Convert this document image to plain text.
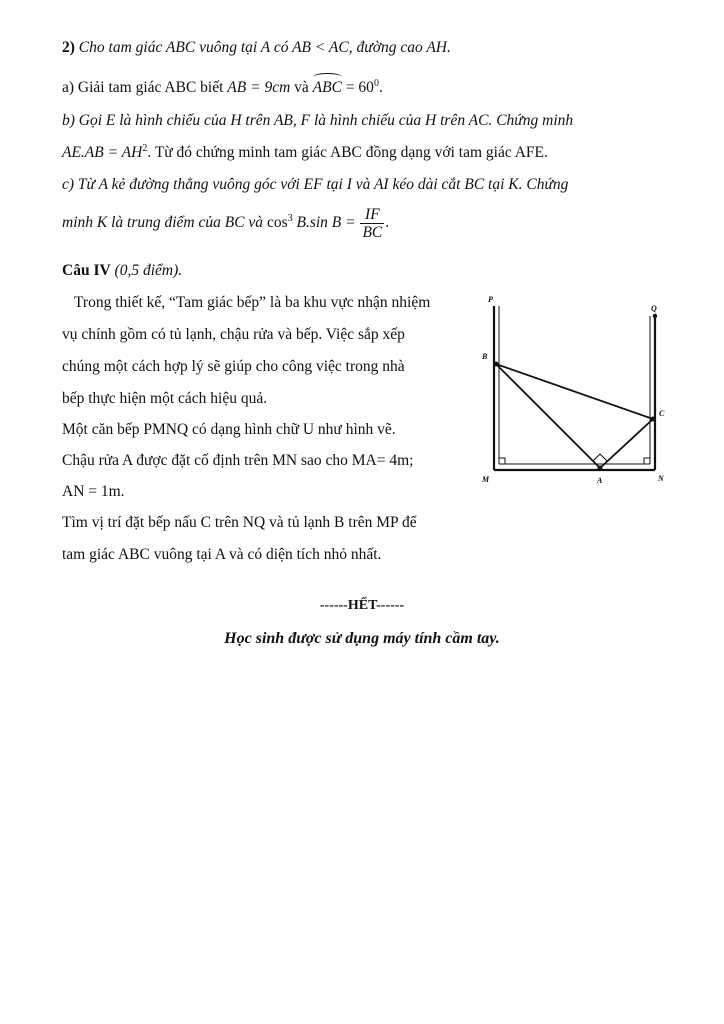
2) Cho tam giác ABC vuông tại A có AB < AC, đường cao AH.
a) Giải tam giác ABC biết AB = 9cm và ABC = $60^0$.
b) Gọi E là hình chiếu của H trên AB, F là hình chiếu của H trên AC. Chứng minh
$AE.AB = AH^2$. Từ đó chứng minh tam giác ABC đồng dạng với tam giác AFE.
c) Từ A kẻ đường thẳng vuông góc với EF tại I và AI kéo dài cắt BC tại K. Chứng
minh K là trung điểm của BC và $\cos^3 B.\sin$ $B = \frac{IF}{BC}$ .
Câu IV (0,5 điểm).
Trong thiết kế, “Tam giác bếp” là ba khu vực nhận nhiệm
vụ chính gồm có tủ lạnh, chậu rửa và bếp. Việc sắp xếp
chúng một cách hợp lý sẽ giúp cho công việc trong nhà
bếp thực hiện một cách hiệu quả.
Một căn bếp PMNQ có dạng hình chữ U như hình vẽ.
Chậu rửa A được đặt cố định trên MN sao cho MA= 4m;
AN = 1m.
Tìm vị trí đặt bếp nấu C trên NQ và tủ lạnh B trên MP để
tam giác ABC vuông tại A và có diện tích nhỏ nhất.
P
Q
B
C
M	A	N
------HẾT------
Học sinh được sử dụng máy tính cầm tay.
